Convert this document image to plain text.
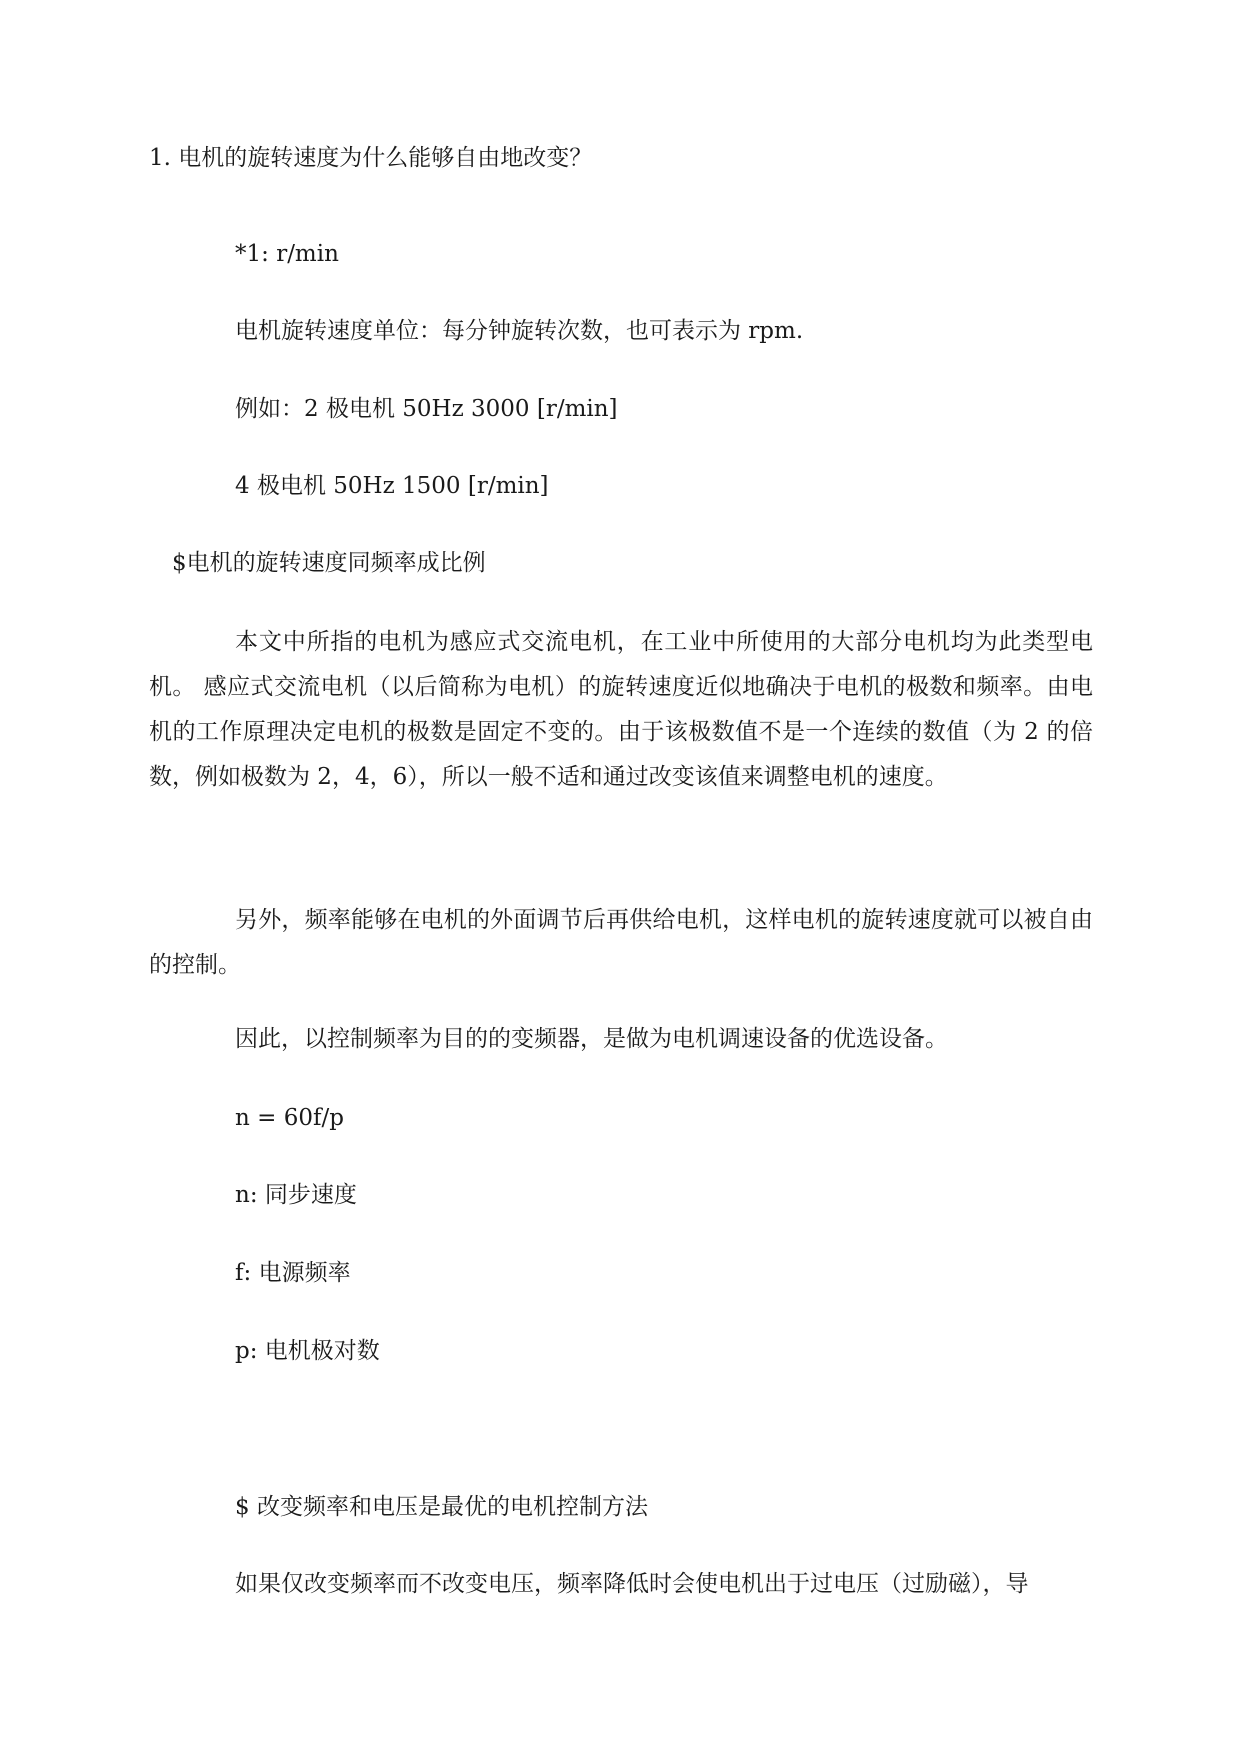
1. 电机的旋转速度为什么能够自由地改变？
*1: r/min
电机旋转速度单位：每分钟旋转次数，也可表示为 rpm.
例如：2 极电机 50Hz 3000 [r/min]
4 极电机 50Hz 1500 [r/min]
$电机的旋转速度同频率成比例
本文中所指的电机为感应式交流电机，在工业中所使用的大部分电机均为此类型电机。 感应式交流电机（以后简称为电机）的旋转速度近似地确决于电机的极数和频率。由电机的工作原理决定电机的极数是固定不变的。由于该极数值不是一个连续的数值（为 2 的倍数，例如极数为 2，4，6），所以一般不适和通过改变该值来调整电机的速度。
另外，频率能够在电机的外面调节后再供给电机，这样电机的旋转速度就可以被自由的控制。
因此，以控制频率为目的的变频器，是做为电机调速设备的优选设备。
n = 60f/p
n: 同步速度
f: 电源频率
p: 电机极对数
$ 改变频率和电压是最优的电机控制方法
如果仅改变频率而不改变电压，频率降低时会使电机出于过电压（过励磁），导
